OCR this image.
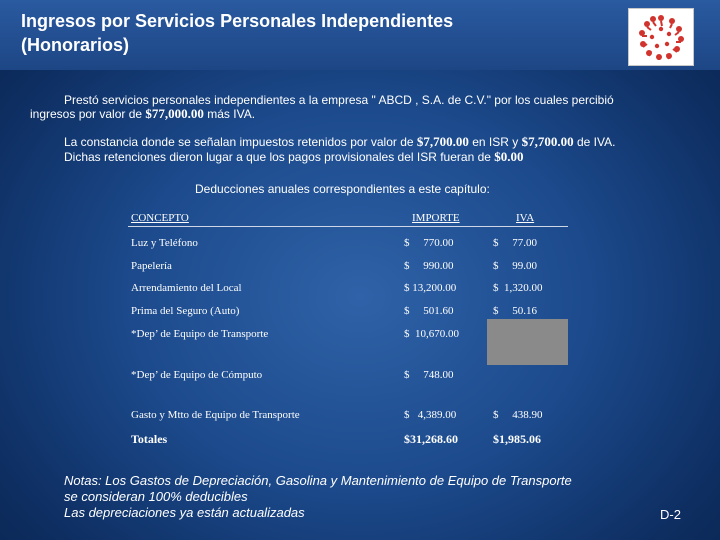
Ingresos por Servicios Personales Independientes
(Honorarios)
Prestó servicios personales independientes a la empresa " ABCD , S.A. de C.V." por los cuales percibió
ingresos por valor de $77,000.00 más IVA.
La constancia donde se señalan impuestos retenidos por valor de $7,700.00 en ISR y $7,700.00 de IVA.
Dichas retenciones dieron lugar a que los pagos provisionales del ISR fueran de $0.00
Deducciones anuales correspondientes a este capítulo:
CONCEPTO	IMPORTE	IVA
Luz y Teléfono	$     770.00	$     77.00
Papelería	$     990.00	$     99.00
Arrendamiento del Local	$ 13,200.00	$  1,320.00
Prima del Seguro (Auto)	$     501.60	$     50.16
*Dep’ de Equipo de Transporte	$  10,670.00
*Dep’ de Equipo de Cómputo	$     748.00
Gasto y Mtto de Equipo de Transporte	$   4,389.00	$     438.90
Totales	$31,268.60	$1,985.06
Notas: Los Gastos de Depreciación, Gasolina y Mantenimiento de Equipo de Transporte
se consideran 100% deducibles
Las depreciaciones ya están actualizadas	D-2
